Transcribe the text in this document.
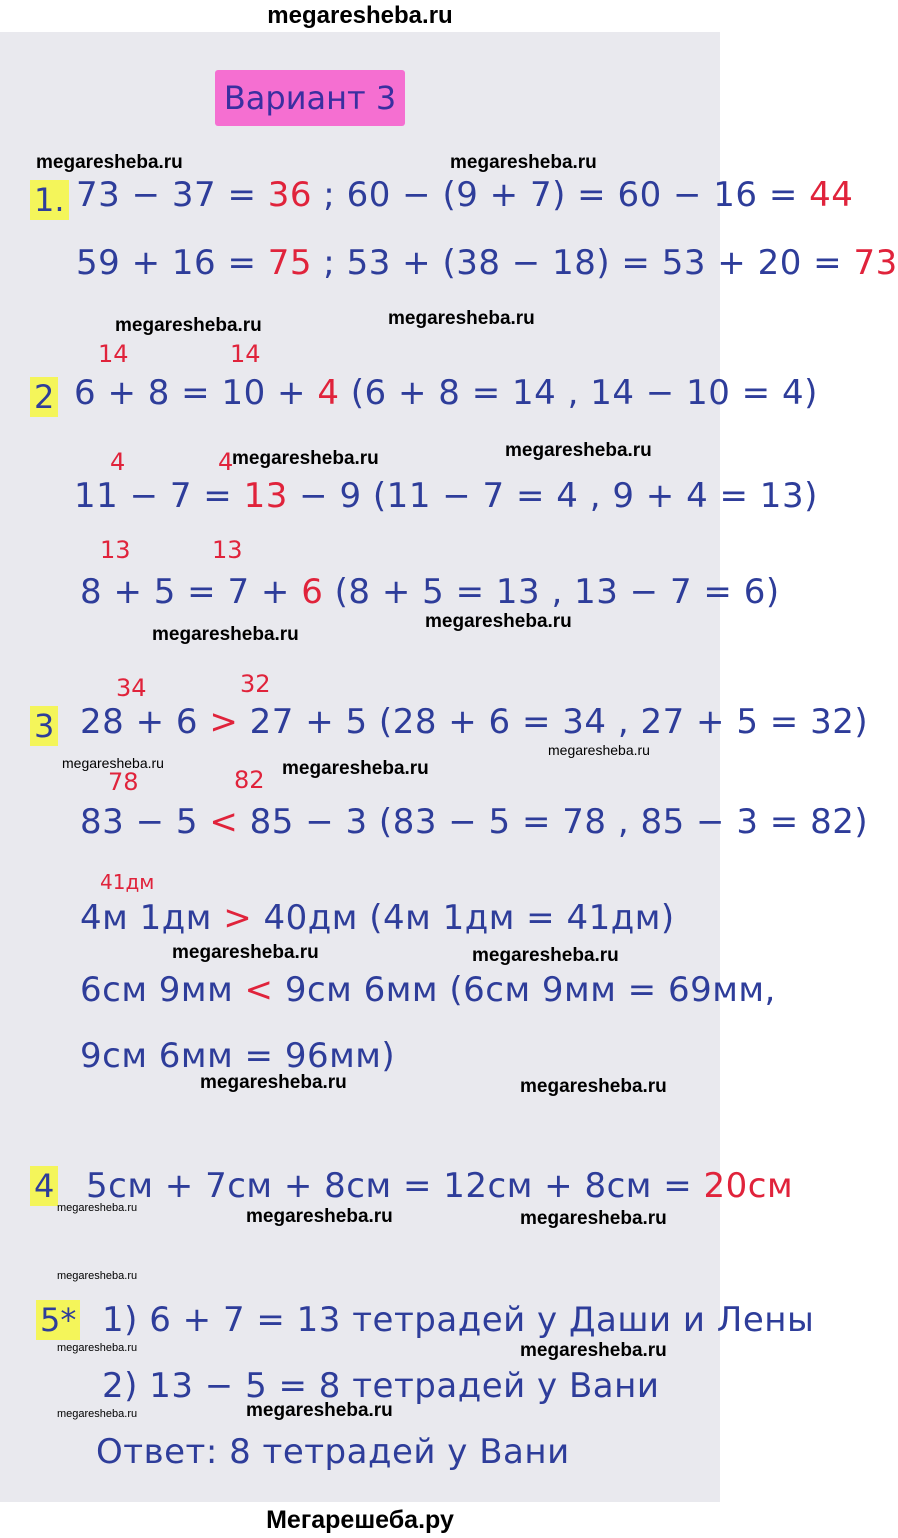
megaresheba.ru
Вариант 3
1. 73 − 37 = 36 ; 60 − (9 + 7) = 60 − 16 = 44
59 + 16 = 75 ; 53 + (38 − 18) = 53 + 20 = 73
2
14	14
6 + 8 = 10 + 4 (6 + 8 = 14 , 14 − 10 = 4)
4	4
11 − 7 = 13 − 9 (11 − 7 = 4 , 9 + 4 = 13)
13	13
8 + 5 = 7 + 6 (8 + 5 = 13 , 13 − 7 = 6)
3
34	32
28 + 6 > 27 + 5 (28 + 6 = 34 , 27 + 5 = 32)
78	82
83 − 5 < 85 − 3 (83 − 5 = 78 , 85 − 3 = 82)
41дм
4м 1дм > 40дм (4м 1дм = 41дм)
6см 9мм < 9см 6мм (6см 9мм = 69мм,
9см 6мм = 96мм)
4 5см + 7см + 8см = 12см + 8см = 20см
5* 1) 6 + 7 = 13 тетрадей у Даши и Лены
2) 13 − 5 = 8 тетрадей у Вани
Ответ: 8 тетрадей у Вани
megaresheba.ru	megaresheba.ru
megaresheba.ru	megaresheba.ru
megaresheba.ru	megaresheba.ru
megaresheba.ru
megaresheba.ru
megaresheba.ru
megaresheba.ru	megaresheba.ru
megaresheba.ru	megaresheba.ru
megaresheba.ru	megaresheba.ru
megaresheba.ru	megaresheba.ru	megaresheba.ru
megaresheba.ru
megaresheba.ru	megaresheba.ru
megaresheba.ru	megaresheba.ru
Мегарешеба.ру
